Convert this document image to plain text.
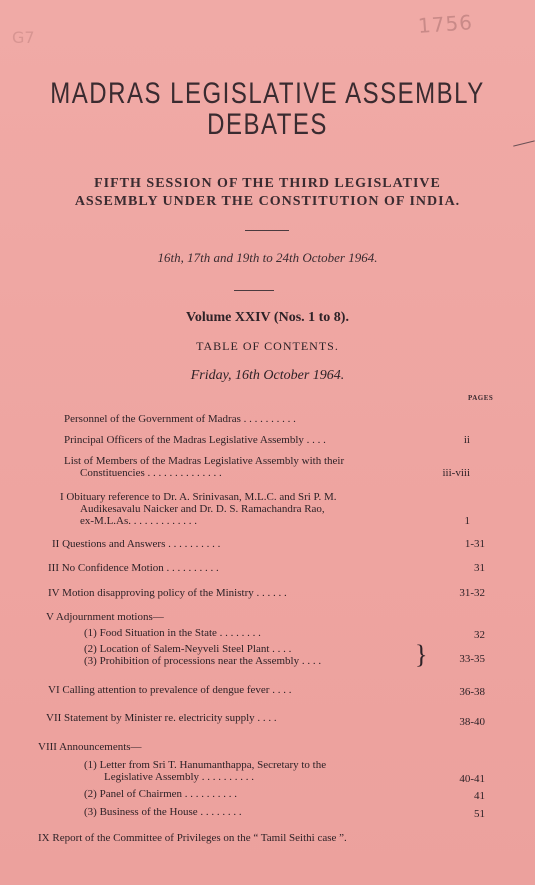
1756
G7
MADRAS LEGISLATIVE ASSEMBLY
DEBATES
FIFTH SESSION OF THE THIRD LEGISLATIVE
ASSEMBLY UNDER THE CONSTITUTION OF INDIA.
16th, 17th and 19th to 24th October 1964.
Volume XXIV (Nos. 1 to 8).
TABLE OF CONTENTS.
Friday, 16th October 1964.
PAGES
Personnel of the Government of Madras . . . . . . . . . .
Principal Officers of the Madras Legislative Assembly . . . .	ii
List of Members of the Madras Legislative Assembly with their
Constituencies . . . . . . . . . . . . . .	iii-viii
I Obituary reference to Dr. A. Srinivasan, M.L.C. and Sri P. M.
Audikesavalu Naicker and Dr. D. S. Ramachandra Rao,
ex-M.L.As. . . . . . . . . . . . .	1
II Questions and Answers . . . . . . . . . .	1-31
III No Confidence Motion . . . . . . . . . .	31
IV Motion disapproving policy of the Ministry . . . . . .	31-32
V Adjournment motions—
(1) Food Situation in the State . . . . . . . .	32
(2) Location of Salem-Neyveli Steel Plant . . . .
(3) Prohibition of processions near the Assembly . . . .	}	33-35
VI Calling attention to prevalence of dengue fever . . . .	36-38
VII Statement by Minister re. electricity supply . . . .	38-40
VIII Announcements—
(1) Letter from Sri T. Hanumanthappa, Secretary to the
Legislative Assembly . . . . . . . . . .	40-41
(2) Panel of Chairmen . . . . . . . . . .	41
(3) Business of the House . . . . . . . .	51
IX Report of the Committee of Privileges on the “ Tamil Seithi case ”.
